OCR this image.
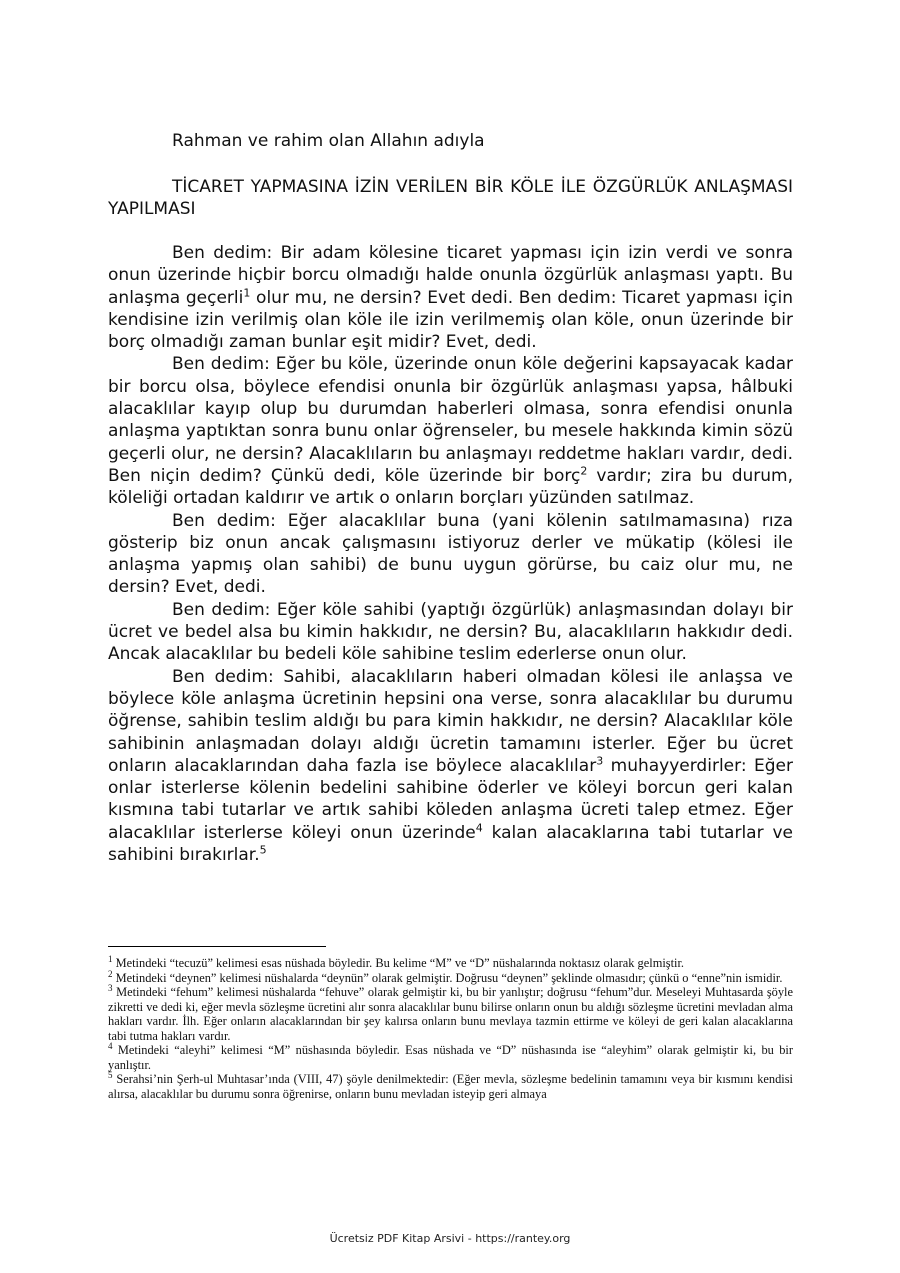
Rahman ve rahim olan Allahın adıyla
TİCARET YAPMASINA İZİN VERİLEN BİR KÖLE İLE ÖZGÜRLÜK ANLAŞMASI YAPILMASI

Ben dedim: Bir adam kölesine ticaret yapması için izin verdi ve sonra onun üzerinde hiçbir borcu olmadığı halde onunla özgürlük anlaşması yaptı. Bu anlaşma geçerli$^1$ olur mu, ne dersin? Evet dedi. Ben dedim: Ticaret yapması için kendisine izin verilmiş olan köle ile izin verilmemiş olan köle, onun üzerinde bir borç olmadığı zaman bunlar eşit midir? Evet, dedi.

Ben dedim: Eğer bu köle, üzerinde onun köle değerini kapsayacak kadar bir borcu olsa, böylece efendisi onunla bir özgürlük anlaşması yapsa, hâlbuki alacaklılar kayıp olup bu durumdan haberleri olmasa, sonra efendisi onunla anlaşma yaptıktan sonra bunu onlar öğrenseler, bu mesele hakkında kimin sözü geçerli olur, ne dersin? Alacaklıların bu anlaşmayı reddetme hakları vardır, dedi. Ben niçin dedim? Çünkü dedi, köle üzerinde bir borç$^2$ vardır; zira bu durum, köleliği ortadan kaldırır ve artık o onların borçları yüzünden satılmaz.

Ben dedim: Eğer alacaklılar buna (yani kölenin satılmamasına) rıza gösterip biz onun ancak çalışmasını istiyoruz derler ve mükatip (kölesi ile anlaşma yapmış olan sahibi) de bunu uygun görürse, bu caiz olur mu, ne dersin? Evet, dedi.

Ben dedim: Eğer köle sahibi (yaptığı özgürlük) anlaşmasından dolayı bir ücret ve bedel alsa bu kimin hakkıdır, ne dersin? Bu, alacaklıların hakkıdır dedi. Ancak alacaklılar bu bedeli köle sahibine teslim ederlerse onun olur.

Ben dedim: Sahibi, alacaklıların haberi olmadan kölesi ile anlaşsa ve böylece köle anlaşma ücretinin hepsini ona verse, sonra alacaklılar bu durumu öğrense, sahibin teslim aldığı bu para kimin hakkıdır, ne dersin? Alacaklılar köle sahibinin anlaşmadan dolayı aldığı ücretin tamamını isterler. Eğer bu ücret onların alacaklarından daha fazla ise böylece alacaklılar$^3$ muhayyerdirler: Eğer onlar isterlerse kölenin bedelini sahibine öderler ve köleyi borcun geri kalan kısmına tabi tutarlar ve artık sahibi köleden anlaşma ücreti talep etmez. Eğer alacaklılar isterlerse köleyi onun üzerinde$^4$ kalan alacaklarına tabi tutarlar ve sahibini bırakırlar.$^5$

$^1$ Metindeki “tecuzü” kelimesi esas nüshada böyledir. Bu kelime “M” ve “D” nüshalarında noktasız olarak gelmiştir.

$^2$ Metindeki “deynen” kelimesi nüshalarda “deynün” olarak gelmiştir. Doğrusu “deynen” şeklinde olmasıdır; çünkü o “enne”nin ismidir.

$^3$ Metindeki “fehum” kelimesi nüshalarda “fehuve” olarak gelmiştir ki, bu bir yanlıştır; doğrusu “fehum”dur. Meseleyi Muhtasarda şöyle zikretti ve dedi ki, eğer mevla sözleşme ücretini alır sonra alacaklılar bunu bilirse onların onun bu aldığı sözleşme ücretini mevladan alma hakları vardır. İlh. Eğer onların alacaklarından bir şey kalırsa onların bunu mevlaya tazmin ettirme ve köleyi de geri kalan alacaklarına tabi tutma hakları vardır.

$^4$ Metindeki “aleyhi” kelimesi “M” nüshasında böyledir. Esas nüshada ve “D” nüshasında ise “aleyhim” olarak gelmiştir ki, bu bir yanlıştır.

$^5$ Serahsi’nin Şerh-ul Muhtasar’ında (VIII, 47) şöyle denilmektedir: (Eğer mevla, sözleşme bedelinin tamamını veya bir kısmını kendisi alırsa, alacaklılar bu durumu sonra öğrenirse, onların bunu mevladan isteyip geri almaya

Ücretsiz PDF Kitap Arsivi - https://rantey.org
